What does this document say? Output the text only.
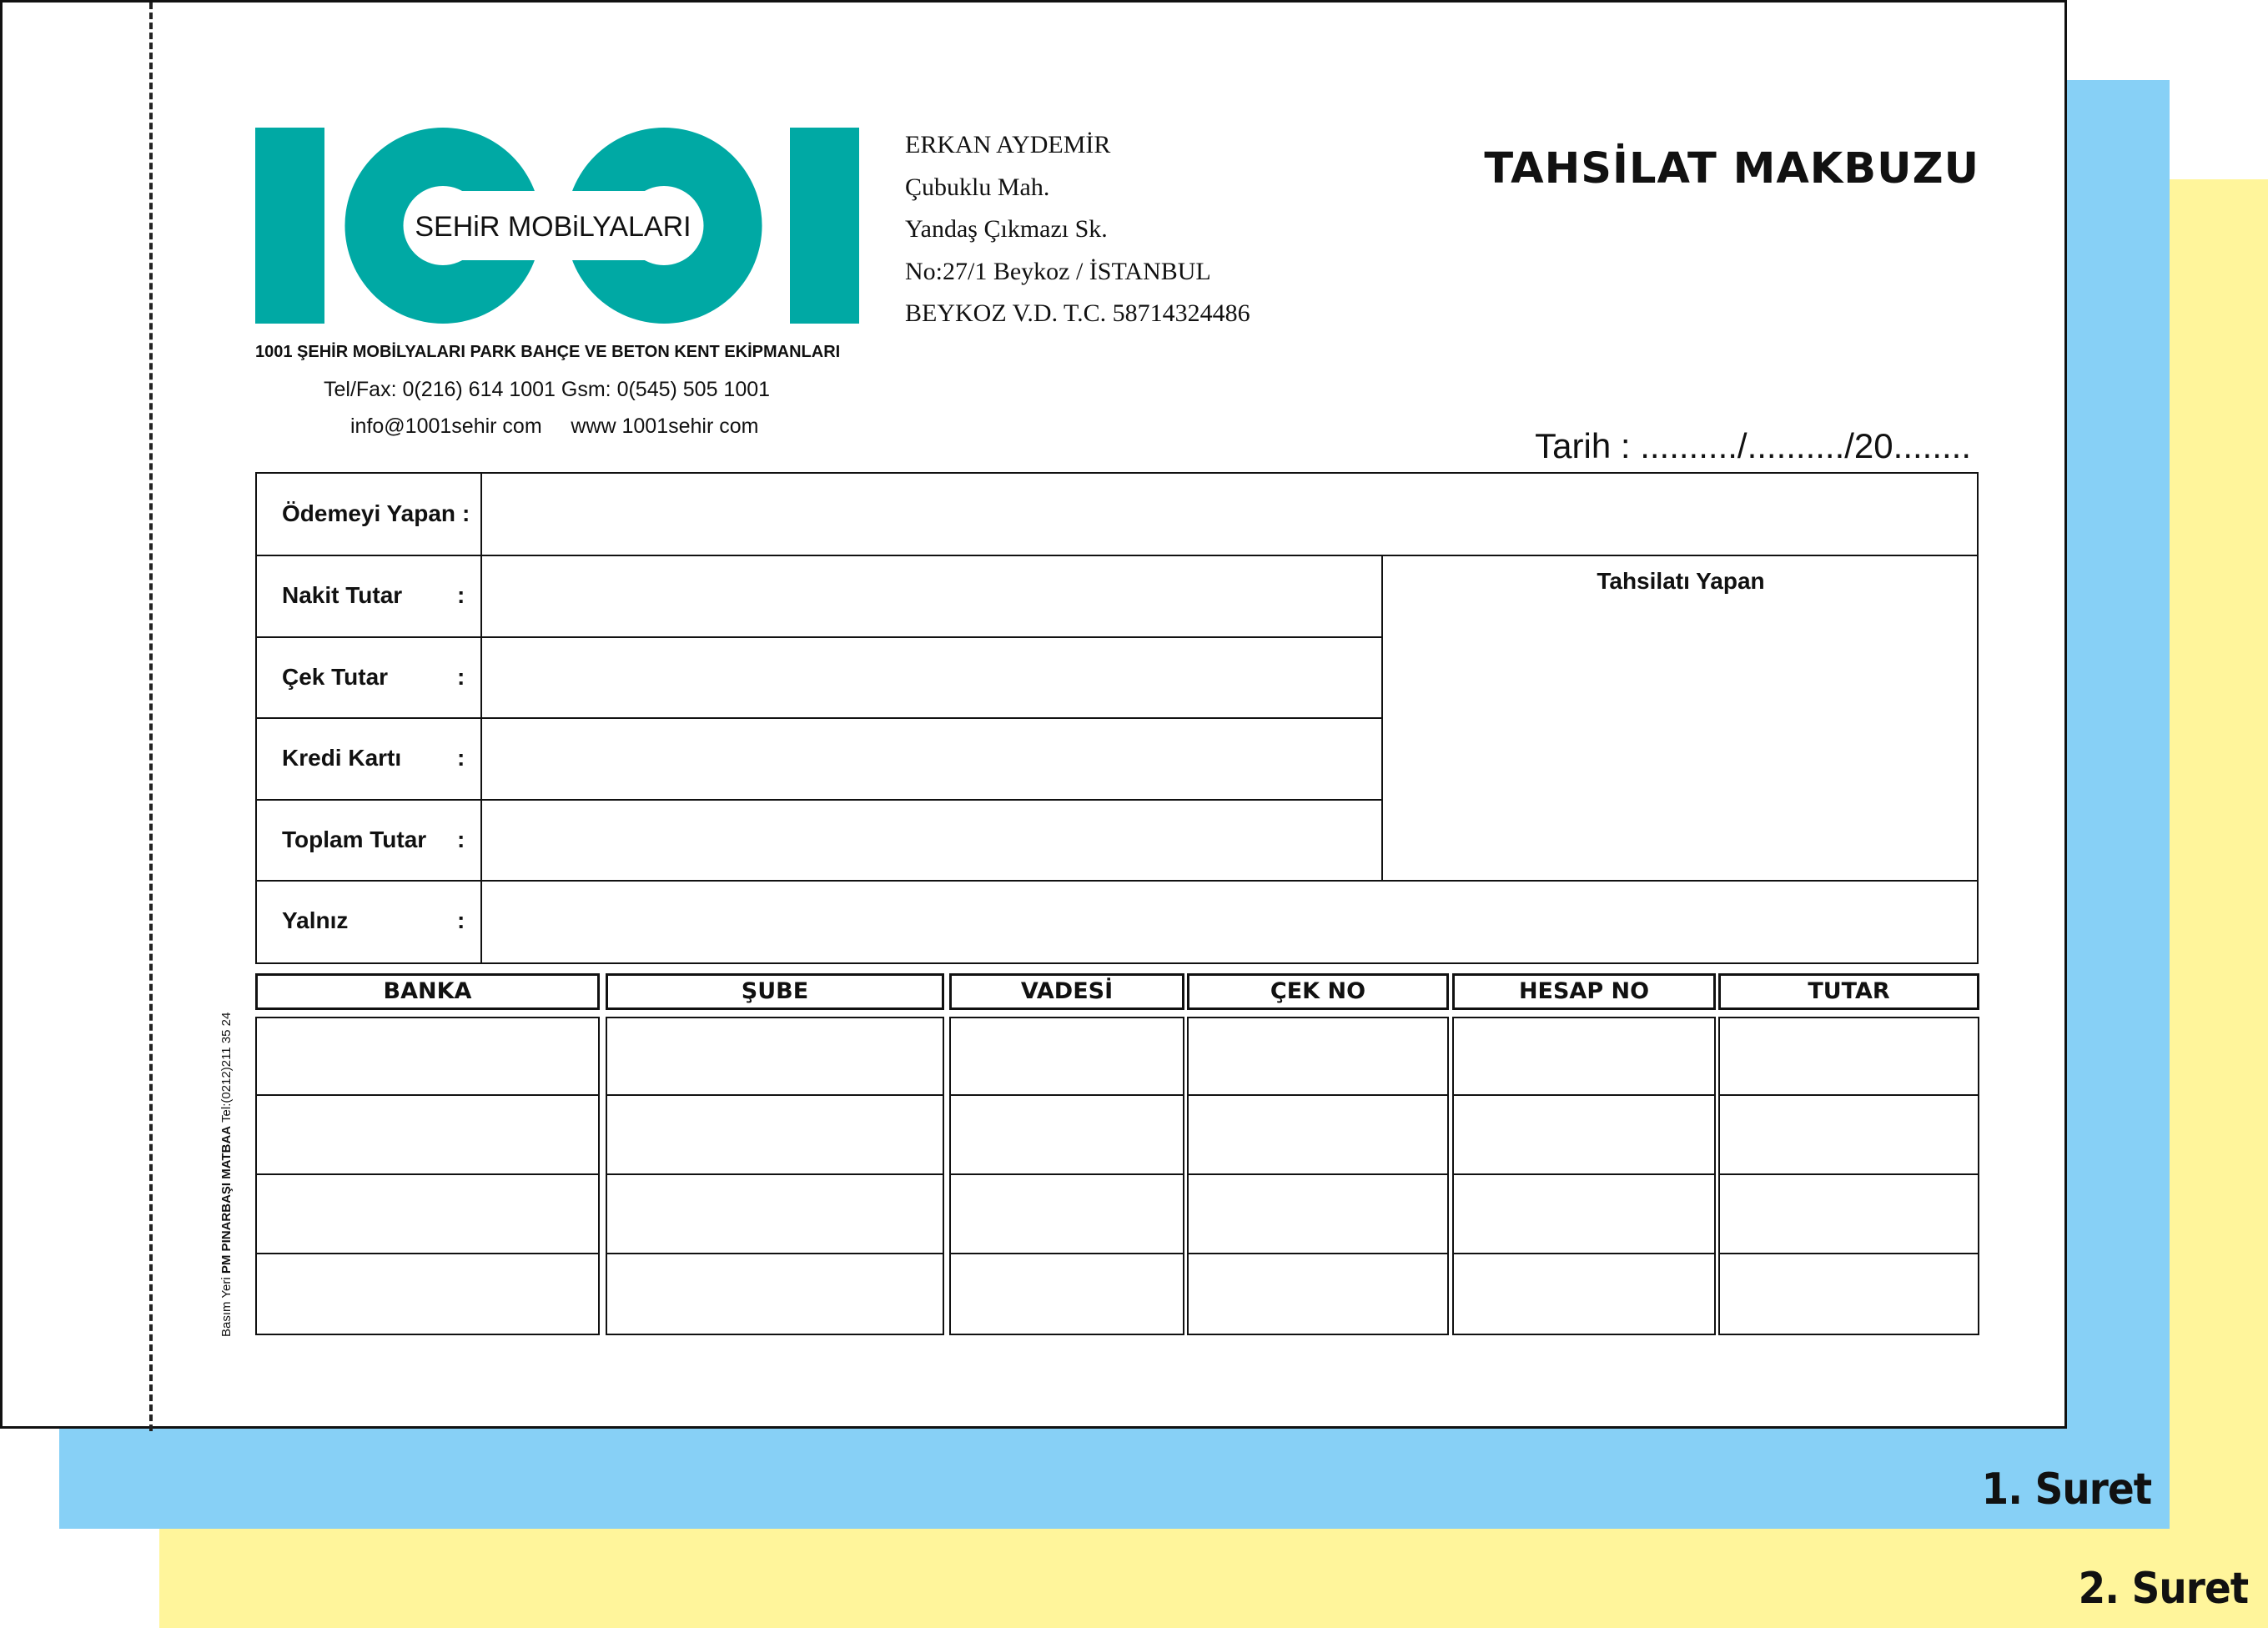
1. Suret
2. Suret
SEHiR MOBiLYALARI
1001 ŞEHİR MOBİLYALARI PARK BAHÇE VE BETON KENT EKİPMANLARI
Tel/Fax: 0(216) 614 1001 Gsm: 0(545) 505 1001
info@1001sehir com     www 1001sehir com
ERKAN AYDEMİR
Çubuklu Mah.
Yandaş Çıkmazı Sk.
No:27/1 Beykoz / İSTANBUL
BEYKOZ V.D. T.C. 58714324486
TAHSİLAT MAKBUZU
Tarih : ........../........../20........
Ödemeyi Yapan :
Nakit Tutar :
Çek Tutar	:
Kredi Kartı :
Toplam Tutar :
Yalnız	:
Tahsilatı Yapan
BANKA	ŞUBE	VADESİ	ÇEK NO	HESAP NO	TUTAR
Basım Yeri PM PINARBAŞI MATBAA Tel:(0212)211 35 24
